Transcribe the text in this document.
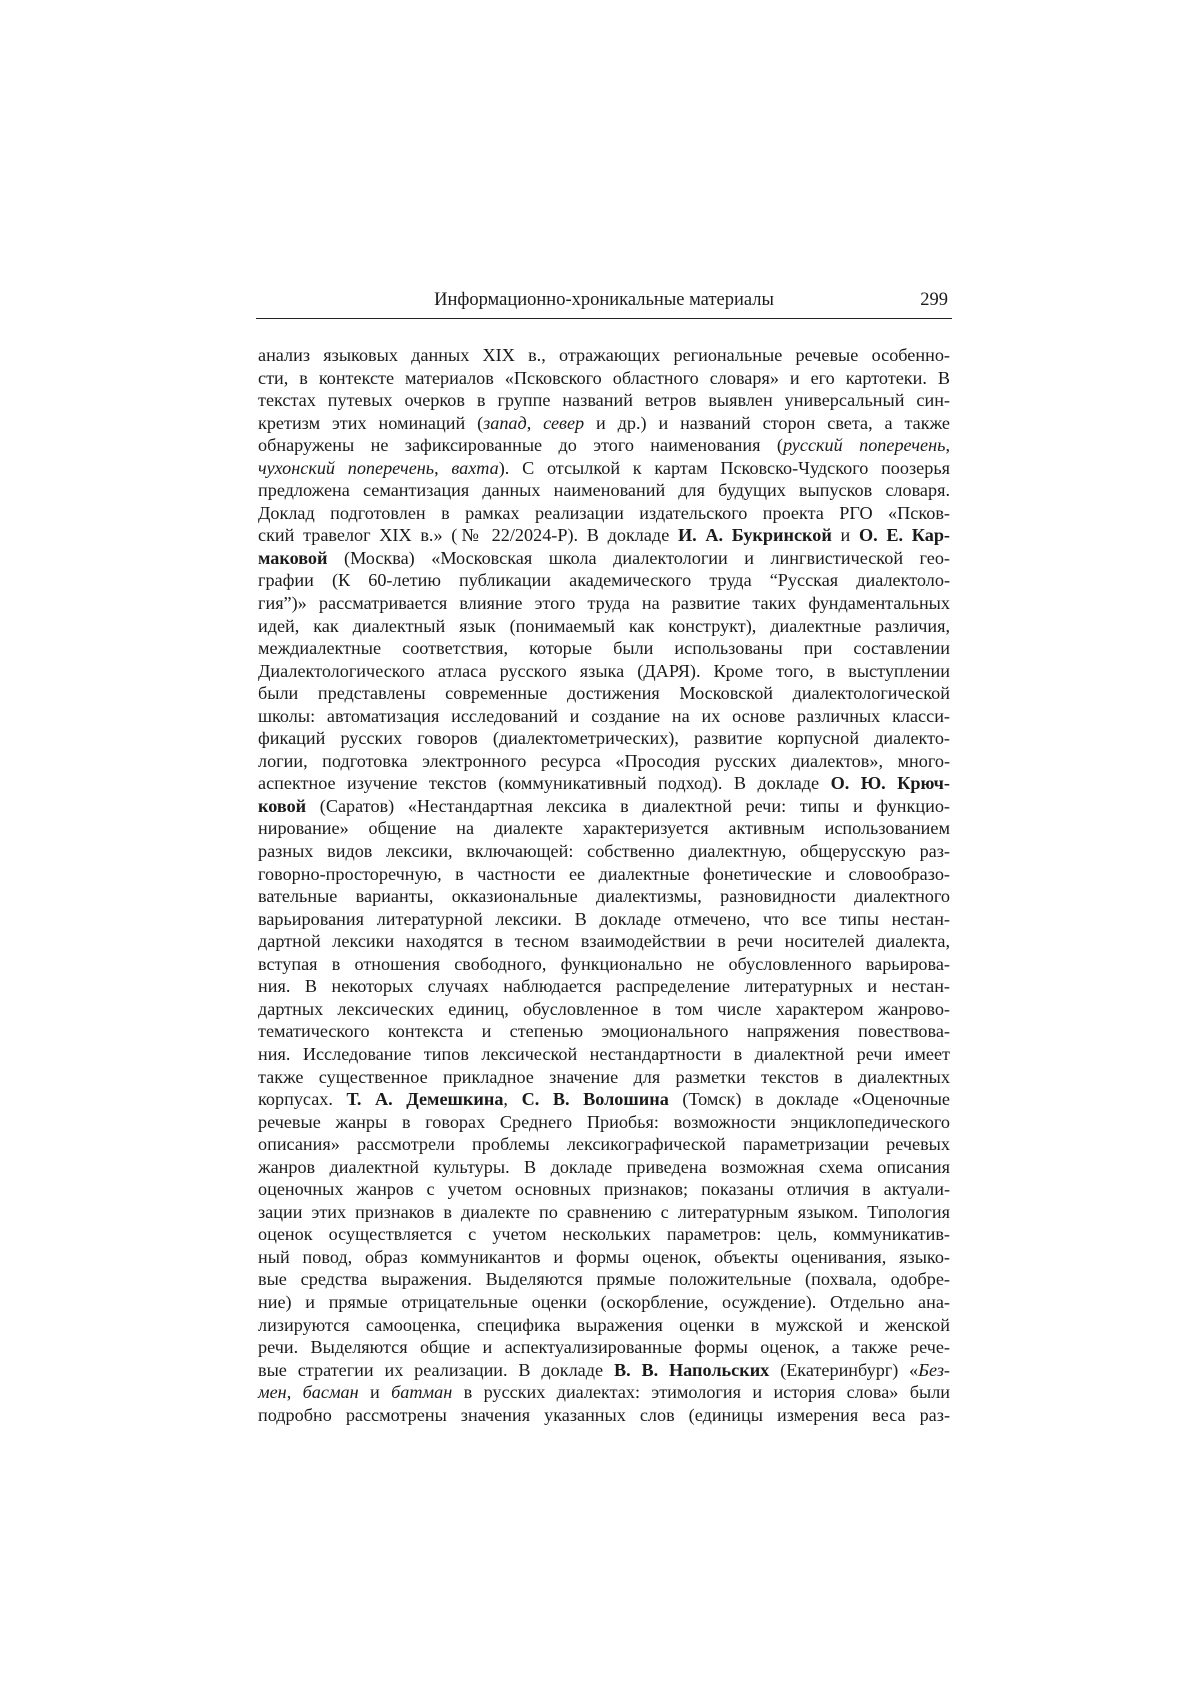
Информационно-хроникальные материалы	299
анализ языковых данных XIX в., отражающих региональные речевые особенно-
сти, в контексте материалов «Псковского областного словаря» и его картотеки. В
текстах путевых очерков в группе названий ветров выявлен универсальный син-
кретизм этих номинаций (запад, север и др.) и названий сторон света, а также
обнаружены не зафиксированные до этого наименования (русский поперечень,
чухонский поперечень, вахта). С отсылкой к картам Псковско-Чудского поозерья
предложена семантизация данных наименований для будущих выпусков словаря.
Доклад подготовлен в рамках реализации издательского проекта РГО «Псков-
ский травелог XIX в.» (№ 22/2024-Р). В докладе И. А. Букринской и О. Е. Кар-
маковой (Москва) «Московская школа диалектологии и лингвистической гео-
графии (К 60-летию публикации академического труда “Русская диалектоло-
гия”)» рассматривается влияние этого труда на развитие таких фундаментальных
идей, как диалектный язык (понимаемый как конструкт), диалектные различия,
междиалектные соответствия, которые были использованы при составлении
Диалектологического атласа русского языка (ДАРЯ). Кроме того, в выступлении
были представлены современные достижения Московской диалектологической
школы: автоматизация исследований и создание на их основе различных класси-
фикаций русских говоров (диалектометрических), развитие корпусной диалекто-
логии, подготовка электронного ресурса «Просодия русских диалектов», много-
аспектное изучение текстов (коммуникативный подход). В докладе О. Ю. Крюч-
ковой (Саратов) «Нестандартная лексика в диалектной речи: типы и функцио-
нирование» общение на диалекте характеризуется активным использованием
разных видов лексики, включающей: собственно диалектную, общерусскую раз-
говорно-просторечную, в частности ее диалектные фонетические и словообразо-
вательные варианты, окказиональные диалектизмы, разновидности диалектного
варьирования литературной лексики. В докладе отмечено, что все типы нестан-
дартной лексики находятся в тесном взаимодействии в речи носителей диалекта,
вступая в отношения свободного, функционально не обусловленного варьирова-
ния. В некоторых случаях наблюдается распределение литературных и нестан-
дартных лексических единиц, обусловленное в том числе характером жанрово-
тематического контекста и степенью эмоционального напряжения повествова-
ния. Исследование типов лексической нестандартности в диалектной речи имеет
также существенное прикладное значение для разметки текстов в диалектных
корпусах. Т. А. Демешкина, С. В. Волошина (Томск) в докладе «Оценочные
речевые жанры в говорах Среднего Приобья: возможности энциклопедического
описания» рассмотрели проблемы лексикографической параметризации речевых
жанров диалектной культуры. В докладе приведена возможная схема описания
оценочных жанров с учетом основных признаков; показаны отличия в актуали-
зации этих признаков в диалекте по сравнению с литературным языком. Типология
оценок осуществляется с учетом нескольких параметров: цель, коммуникатив-
ный повод, образ коммуникантов и формы оценок, объекты оценивания, языко-
вые средства выражения. Выделяются прямые положительные (похвала, одобре-
ние) и прямые отрицательные оценки (оскорбление, осуждение). Отдельно ана-
лизируются самооценка, специфика выражения оценки в мужской и женской
речи. Выделяются общие и аспектуализированные формы оценок, а также рече-
вые стратегии их реализации. В докладе В. В. Напольских (Екатеринбург) «Без-
мен, басман и батман в русских диалектах: этимология и история слова» были
подробно рассмотрены значения указанных слов (единицы измерения веса раз-
